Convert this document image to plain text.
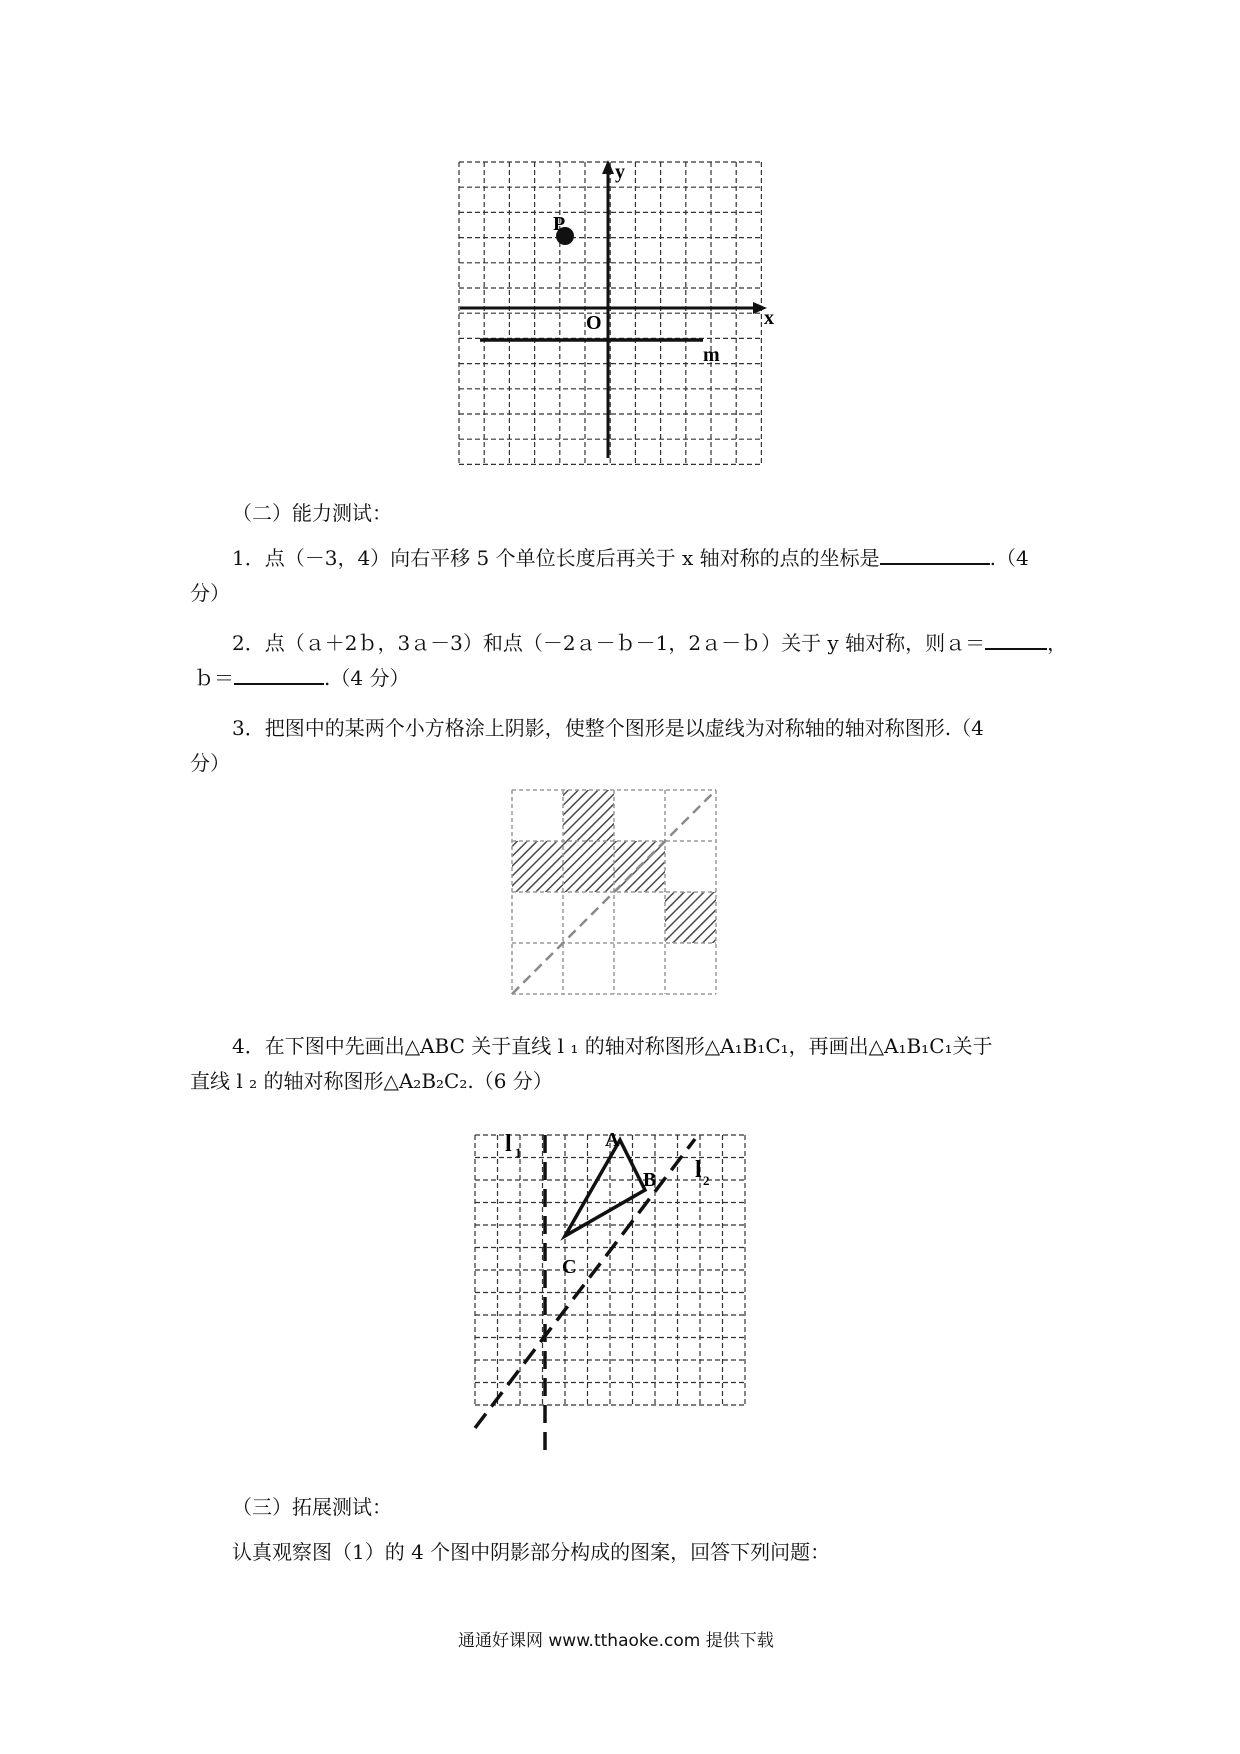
y
x
O
P
m
（二）能力测试：
1．点（－3，4）向右平移 5 个单位长度后再关于 x 轴对称的点的坐标是	.（4
分）
2．点（ａ＋2ｂ，3ａ－3）和点（－2ａ－ｂ－1，2ａ－ｂ）关于 y 轴对称，则ａ＝	，
ｂ＝	.（4 分）
3．把图中的某两个小方格涂上阴影，使整个图形是以虚线为对称轴的轴对称图形.（4
分）
4．在下图中先画出△ABC 关于直线 l ₁ 的轴对称图形△A₁B₁C₁，再画出△A₁B₁C₁关于
直线 l ₂ 的轴对称图形△A₂B₂C₂.（6 分）
l 1
l 2
A
B
C
（三）拓展测试：
认真观察图（1）的 4 个图中阴影部分构成的图案，回答下列问题：
通通好课网 www.tthaoke.com 提供下载
